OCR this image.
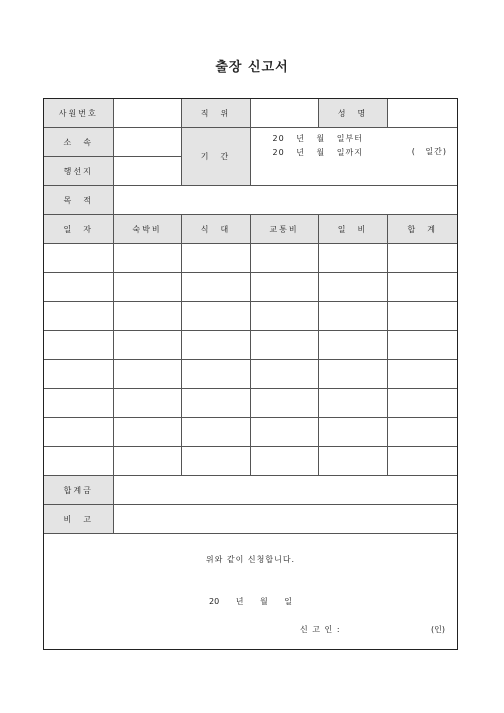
출장 신고서
사원번호		직　위		성　명	
소　속		기　간	20 년 월 일부터
20 년 월 일까지 ( 일간)		

행선지					
목　적					
일　자	숙박비	식　대	교통비	일　비	합　계

합계금					
비　고					
위와 같이 신청합니다.
20 년 월 일
신 고 인 :	(인)
